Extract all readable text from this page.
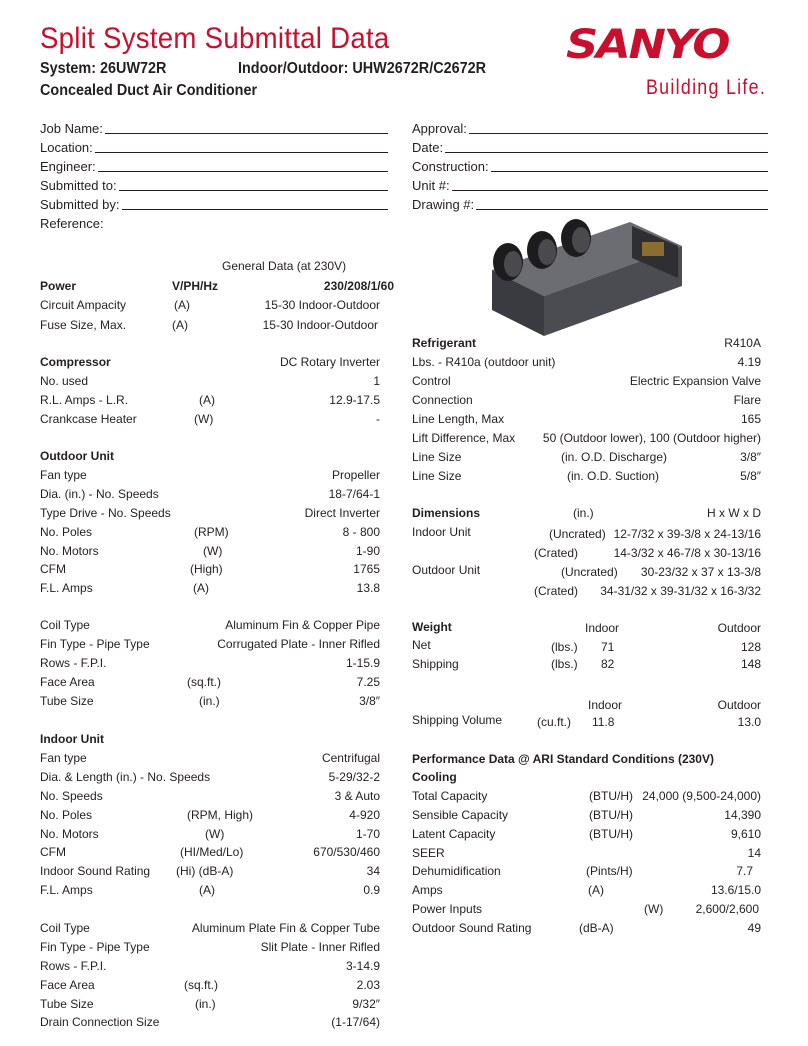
Split System Submittal Data
System: 26UW72R	Indoor/Outdoor: UHW2672R/C2672R
Concealed Duct Air Conditioner
SANYO
Building Life.
Job Name:
Location:
Engineer:
Submitted to:
Submitted by:
Reference:
Approval:
Date:
Construction:
Unit #:
Drawing #:
General Data (at 230V)
Power	V/PH/Hz	230/208/1/60
Circuit Ampacity	(A)	15-30 Indoor-Outdoor
Fuse Size, Max.	(A)	15-30 Indoor-Outdoor
Compressor	DC Rotary Inverter
No. used	1
R.L. Amps - L.R.	(A)	12.9-17.5
Crankcase Heater	(W)	-
Outdoor Unit
Fan type	Propeller
Dia. (in.) - No. Speeds	18-7/64-1
Type Drive - No. Speeds	Direct Inverter
No. Poles	(RPM)	8 - 800
No. Motors	(W)	1-90
CFM	(High)	1765
F.L. Amps	(A)	13.8
Coil Type	Aluminum Fin & Copper Pipe
Fin Type - Pipe Type	Corrugated Plate - Inner Rifled
Rows - F.P.I.	1-15.9
Face Area	(sq.ft.)	7.25
Tube Size	(in.)	3/8″
Indoor Unit
Fan type	Centrifugal
Dia. & Length (in.) - No. Speeds	5-29/32-2
No. Speeds	3 & Auto
No. Poles	(RPM, High)	4-920
No. Motors	(W)	1-70
CFM	(HI/Med/Lo)	670/530/460
Indoor Sound Rating (Hi) (dB-A)	34
F.L. Amps	(A)	0.9
Coil Type	Aluminum Plate Fin & Copper Tube
Fin Type - Pipe Type	Slit Plate - Inner Rifled
Rows - F.P.I.	3-14.9
Face Area	(sq.ft.)	2.03
Tube Size	(in.)	9/32″
Drain Connection Size	(1-17/64)
Refrigerant	R410A
Lbs. - R410a (outdoor unit)	4.19
Control	Electric Expansion Valve
Connection	Flare
Line Length, Max	165
Lift Difference, Max 50 (Outdoor lower), 100 (Outdoor higher)
Line Size	(in. O.D. Discharge)	3/8″
Line Size	(in. O.D. Suction)	5/8″
Dimensions	(in.)	H x W x D
Indoor Unit	(Uncrated) 12-7/32 x 39-3/8 x 24-13/16
(Crated)	14-3/32 x 46-7/8 x 30-13/16
Outdoor Unit	(Uncrated) 30-23/32 x 37 x 13-3/8
(Crated) 34-31/32 x 39-31/32 x 16-3/32
Weight	Indoor	Outdoor
Net	(lbs.) 71	128
Shipping	(lbs.) 82	148
Indoor	Outdoor
Shipping Volume	(cu.ft.) 11.8	13.0
Performance Data @ ARI Standard Conditions (230V)
Cooling
Total Capacity	(BTU/H) 24,000 (9,500-24,000)
Sensible Capacity	(BTU/H)	14,390
Latent Capacity	(BTU/H)	9,610
SEER	14
Dehumidification	(Pints/H)	7.7
Amps	(A)	13.6/15.0
Power Inputs	(W)	2,600/2,600
Outdoor Sound Rating	(dB-A)	49
